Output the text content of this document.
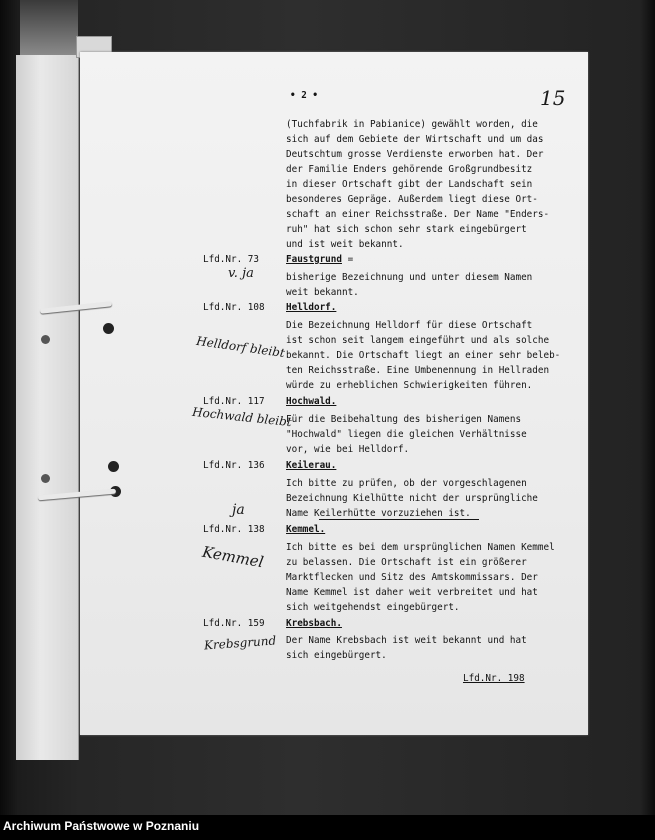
• 2 •	15
(Tuchfabrik in Pabianice) gewählt worden, die
sich auf dem Gebiete der Wirtschaft und um das
Deutschtum grosse Verdienste erworben hat. Der
der Familie Enders gehörende Großgrundbesitz
in dieser Ortschaft gibt der Landschaft sein
besonderes Gepräge. Außerdem liegt diese Ort-
schaft an einer Reichsstraße. Der Name "Enders-
ruh" hat sich schon sehr stark eingebürgert
und ist weit bekannt.
Lfd.Nr. 73	Faustgrund =
v. ja	bisherige Bezeichnung und unter diesem Namen
weit bekannt.
Lfd.Nr. 108 Helldorf.
Helldorf bleibt
Die Bezeichnung Helldorf für diese Ortschaft
ist schon seit langem eingeführt und als solche
bekannt. Die Ortschaft liegt an einer sehr beleb-
ten Reichsstraße. Eine Umbenennung in Hellraden
würde zu erheblichen Schwierigkeiten führen.
Lfd.Nr. 117 Hochwald.
Hochwald bleibt
Für die Beibehaltung des bisherigen Namens
"Hochwald" liegen die gleichen Verhältnisse
vor, wie bei Helldorf.
Lfd.Nr. 136 Keilerau.
ja
Ich bitte zu prüfen, ob der vorgeschlagenen
Bezeichnung Kielhütte nicht der ursprüngliche
Name Keilerhütte vorzuziehen ist.
Lfd.Nr. 138 Kemmel.
Kemmel Ich bitte es bei dem ursprünglichen Namen Kemmel
zu belassen. Die Ortschaft ist ein größerer
Marktflecken und Sitz des Amtskommissars. Der
Name Kemmel ist daher weit verbreitet und hat
sich weitgehendst eingebürgert.
Lfd.Nr. 159 Krebsbach.
Krebsgrund Der Name Krebsbach ist weit bekannt und hat
sich eingebürgert.
Lfd.Nr. 198
Archiwum Państwowe w Poznaniu
